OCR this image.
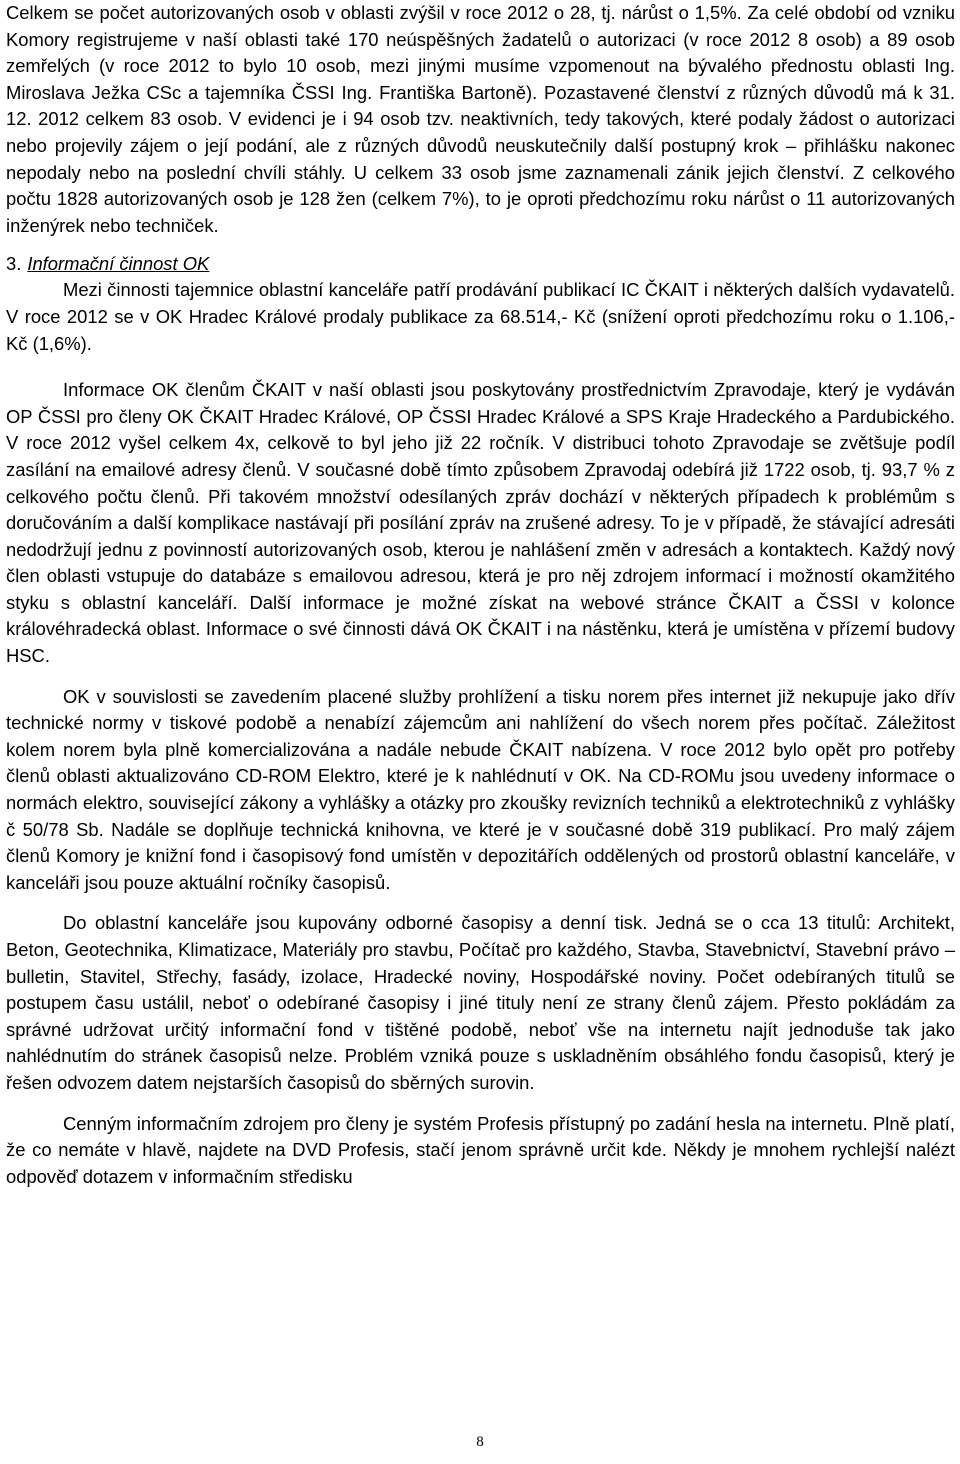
Celkem se počet autorizovaných osob v oblasti zvýšil v roce 2012 o 28, tj. nárůst o 1,5%. Za celé období od vzniku Komory registrujeme v naší oblasti také 170 neúspěšných žadatelů o autorizaci (v roce 2012 8 osob) a 89 osob zemřelých (v roce 2012 to bylo 10 osob, mezi jinými musíme vzpomenout na bývalého přednostu oblasti Ing. Miroslava Ježka CSc a tajemníka ČSSI Ing. Františka Bartoně). Pozastavené členství z různých důvodů má k 31. 12. 2012 celkem 83 osob. V evidenci je i 94 osob tzv. neaktivních, tedy takových, které podaly žádost o autorizaci nebo projevily zájem o její podání, ale z různých důvodů neuskutečnily další postupný krok – přihlášku nakonec nepodaly nebo na poslední chvíli stáhly. U celkem 33 osob jsme zaznamenali zánik jejich členství. Z celkového počtu 1828 autorizovaných osob je 128 žen (celkem 7%), to je oproti předchozímu roku nárůst o 11 autorizovaných inženýrek nebo techniček.

3. Informační činnost OK

Mezi činnosti tajemnice oblastní kanceláře patří prodávání publikací IC ČKAIT i některých dalších vydavatelů. V roce 2012 se v OK Hradec Králové prodaly publikace za 68.514,- Kč (snížení oproti předchozímu roku o 1.106,- Kč (1,6%).

Informace OK členům ČKAIT v naší oblasti jsou poskytovány prostřednictvím Zpravodaje, který je vydáván OP ČSSI pro členy OK ČKAIT Hradec Králové, OP ČSSI Hradec Králové a SPS Kraje Hradeckého a Pardubického. V roce 2012 vyšel celkem 4x, celkově to byl jeho již 22 ročník. V distribuci tohoto Zpravodaje se zvětšuje podíl zasílání na emailové adresy členů. V současné době tímto způsobem Zpravodaj odebírá již 1722 osob, tj. 93,7 % z celkového počtu členů. Při takovém množství odesílaných zpráv dochází v některých případech k problémům s doručováním a další komplikace nastávají při posílání zpráv na zrušené adresy. To je v případě, že stávající adresáti nedodržují jednu z povinností autorizovaných osob, kterou je nahlášení změn v adresách a kontaktech. Každý nový člen oblasti vstupuje do databáze s emailovou adresou, která je pro něj zdrojem informací i možností okamžitého styku s oblastní kanceláří. Další informace je možné získat na webové stránce ČKAIT a ČSSI v kolonce královéhradecká oblast. Informace o své činnosti dává OK ČKAIT i na nástěnku, která je umístěna v přízemí budovy HSC.

OK v souvislosti se zavedením placené služby prohlížení a tisku norem přes internet již nekupuje jako dřív technické normy v tiskové podobě a nenabízí zájemcům ani nahlížení do všech norem přes počítač. Záležitost kolem norem byla plně komercializována a nadále nebude ČKAIT nabízena. V roce 2012 bylo opět pro potřeby členů oblasti aktualizováno CD-ROM Elektro, které je k nahlédnutí v OK. Na CD-ROMu jsou uvedeny informace o normách elektro, související zákony a vyhlášky a otázky pro zkoušky revizních techniků a elektrotechniků z vyhlášky č 50/78 Sb. Nadále se doplňuje technická knihovna, ve které je v současné době 319 publikací. Pro malý zájem členů Komory je knižní fond i časopisový fond umístěn v depozitářích oddělených od prostorů oblastní kanceláře, v kanceláři jsou pouze aktuální ročníky časopisů.

Do oblastní kanceláře jsou kupovány odborné časopisy a denní tisk. Jedná se o cca 13 titulů: Architekt, Beton, Geotechnika, Klimatizace, Materiály pro stavbu, Počítač pro každého, Stavba, Stavebnictví, Stavební právo – bulletin, Stavitel, Střechy, fasády, izolace, Hradecké noviny, Hospodářské noviny. Počet odebíraných titulů se postupem času ustálil, neboť o odebírané časopisy i jiné tituly není ze strany členů zájem. Přesto pokládám za správné udržovat určitý informační fond v tištěné podobě, neboť vše na internetu najít jednoduše tak jako nahlédnutím do stránek časopisů nelze. Problém vzniká pouze s uskladněním obsáhlého fondu časopisů, který je řešen odvozem datem nejstarších časopisů do sběrných surovin.

Cenným informačním zdrojem pro členy je systém Profesis přístupný po zadání hesla na internetu. Plně platí, že co nemáte v hlavě, najdete na DVD Profesis, stačí jenom správně určit kde. Někdy je mnohem rychlejší nalézt odpověď dotazem v informačním středisku

8
